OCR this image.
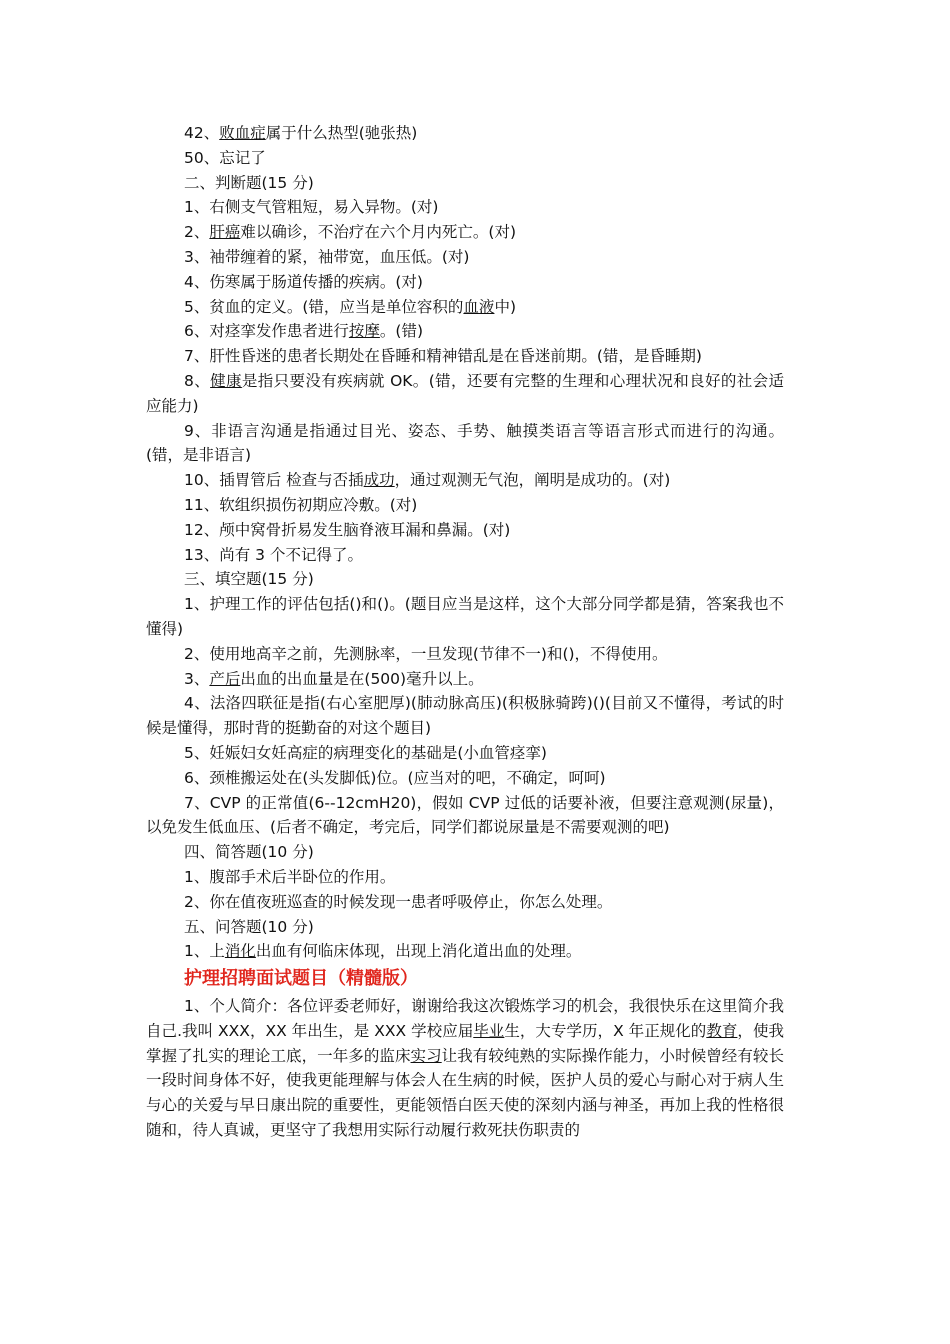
42、败血症属于什么热型(驰张热)

50、忘记了

二、判断题(15 分)

1、右侧支气管粗短，易入异物。(对)

2、肝癌难以确诊，不治疗在六个月内死亡。(对)

3、袖带缠着的紧，袖带宽，血压低。(对)

4、伤寒属于肠道传播的疾病。(对)

5、贫血的定义。(错，应当是单位容积的血液中)

6、对痉挛发作患者进行按摩。(错)

7、肝性昏迷的患者长期处在昏睡和精神错乱是在昏迷前期。(错，是昏睡期)

8、健康是指只要没有疾病就 OK。(错，还要有完整的生理和心理状况和良好的社会适应能力)

9、非语言沟通是指通过目光、姿态、手势、触摸类语言等语言形式而进行的沟通。(错，是非语言)

10、插胃管后 检查与否插成功，通过观测无气泡，阐明是成功的。(对)

11、软组织损伤初期应冷敷。(对)

12、颅中窝骨折易发生脑脊液耳漏和鼻漏。(对)

13、尚有 3 个不记得了。

三、填空题(15 分)

1、护理工作的评估包括()和()。(题目应当是这样，这个大部分同学都是猜，答案我也不懂得)

2、使用地高辛之前，先测脉率，一旦发现(节律不一)和()，不得使用。

3、产后出血的出血量是在(500)毫升以上。

4、法洛四联征是指(右心室肥厚)(肺动脉高压)(积极脉骑跨)()(目前又不懂得，考试的时候是懂得，那时背的挺勤奋的对这个题目)

5、妊娠妇女妊高症的病理变化的基础是(小血管痉挛)

6、颈椎搬运处在(头发脚低)位。(应当对的吧，不确定，呵呵)

7、CVP 的正常值(6--12cmH20)，假如 CVP 过低的话要补液，但要注意观测(尿量)，以免发生低血压、(后者不确定，考完后，同学们都说尿量是不需要观测的吧)

四、简答题(10 分)

1、腹部手术后半卧位的作用。

2、你在值夜班巡查的时候发现一患者呼吸停止，你怎么处理。

五、问答题(10 分)

1、上消化出血有何临床体现，出现上消化道出血的处理。

护理招聘面试题目（精髓版）

1、个人简介：各位评委老师好，谢谢给我这次锻炼学习的机会，我很快乐在这里简介我自己.我叫 XXX，XX 年出生，是 XXX 学校应届毕业生，大专学历，X 年正规化的教育，使我掌握了扎实的理论工底，一年多的监床实习让我有较纯熟的实际操作能力，小时候曾经有较长一段时间身体不好，使我更能理解与体会人在生病的时候，医护人员的爱心与耐心对于病人生与心的关爱与早日康出院的重要性，更能领悟白医天使的深刻内涵与神圣，再加上我的性格很随和，待人真诚，更坚守了我想用实际行动履行救死扶伤职责的
